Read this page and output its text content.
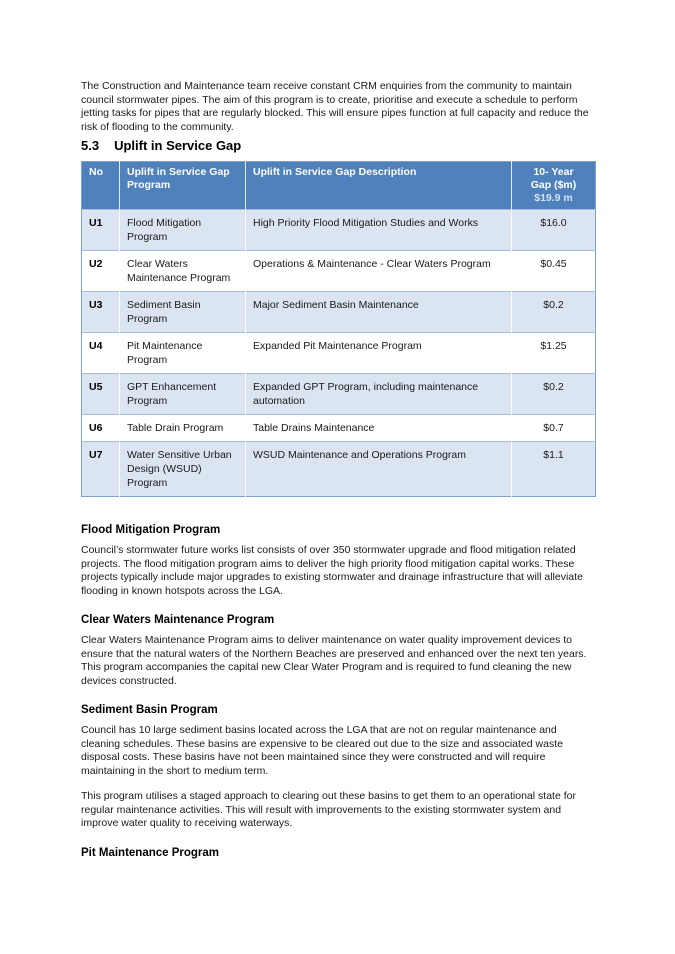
The Construction and Maintenance team receive constant CRM enquiries from the community to maintain council stormwater pipes. The aim of this program is to create, prioritise and execute a schedule to perform jetting tasks for pipes that are regularly blocked. This will ensure pipes function at full capacity and reduce the risk of flooding to the community.

5.3 Uplift in Service Gap
No	Uplift in Service Gap Program	Uplift in Service Gap Description	10- Year
Gap ($m)
$19.9 m

U1	Flood Mitigation Program	High Priority Flood Mitigation Studies and Works	$16.0
U2	Clear Waters Maintenance Program	Operations & Maintenance - Clear Waters Program	$0.45
U3	Sediment Basin Program	Major Sediment Basin Maintenance	$0.2
U4	Pit Maintenance Program	Expanded Pit Maintenance Program	$1.25
U5	GPT Enhancement Program	Expanded GPT Program, including maintenance automation	$0.2
U6	Table Drain Program	Table Drains Maintenance	$0.7
U7	Water Sensitive Urban Design (WSUD) Program	WSUD Maintenance and Operations Program	$1.1
Flood Mitigation Program

Council’s stormwater future works list consists of over 350 stormwater upgrade and flood mitigation related projects. The flood mitigation program aims to deliver the high priority flood mitigation capital works. These projects typically include major upgrades to existing stormwater and drainage infrastructure that will alleviate flooding in known hotspots across the LGA.

Clear Waters Maintenance Program

Clear Waters Maintenance Program aims to deliver maintenance on water quality improvement devices to ensure that the natural waters of the Northern Beaches are preserved and enhanced over the next ten years. This program accompanies the capital new Clear Water Program and is required to fund cleaning the new devices constructed.

Sediment Basin Program

Council has 10 large sediment basins located across the LGA that are not on regular maintenance and cleaning schedules. These basins are expensive to be cleared out due to the size and associated waste disposal costs. These basins have not been maintained since they were constructed and will require maintaining in the short to medium term.

This program utilises a staged approach to clearing out these basins to get them to an operational state for regular maintenance activities. This will result with improvements to the existing stormwater system and improve water quality to receiving waterways.

Pit Maintenance Program
